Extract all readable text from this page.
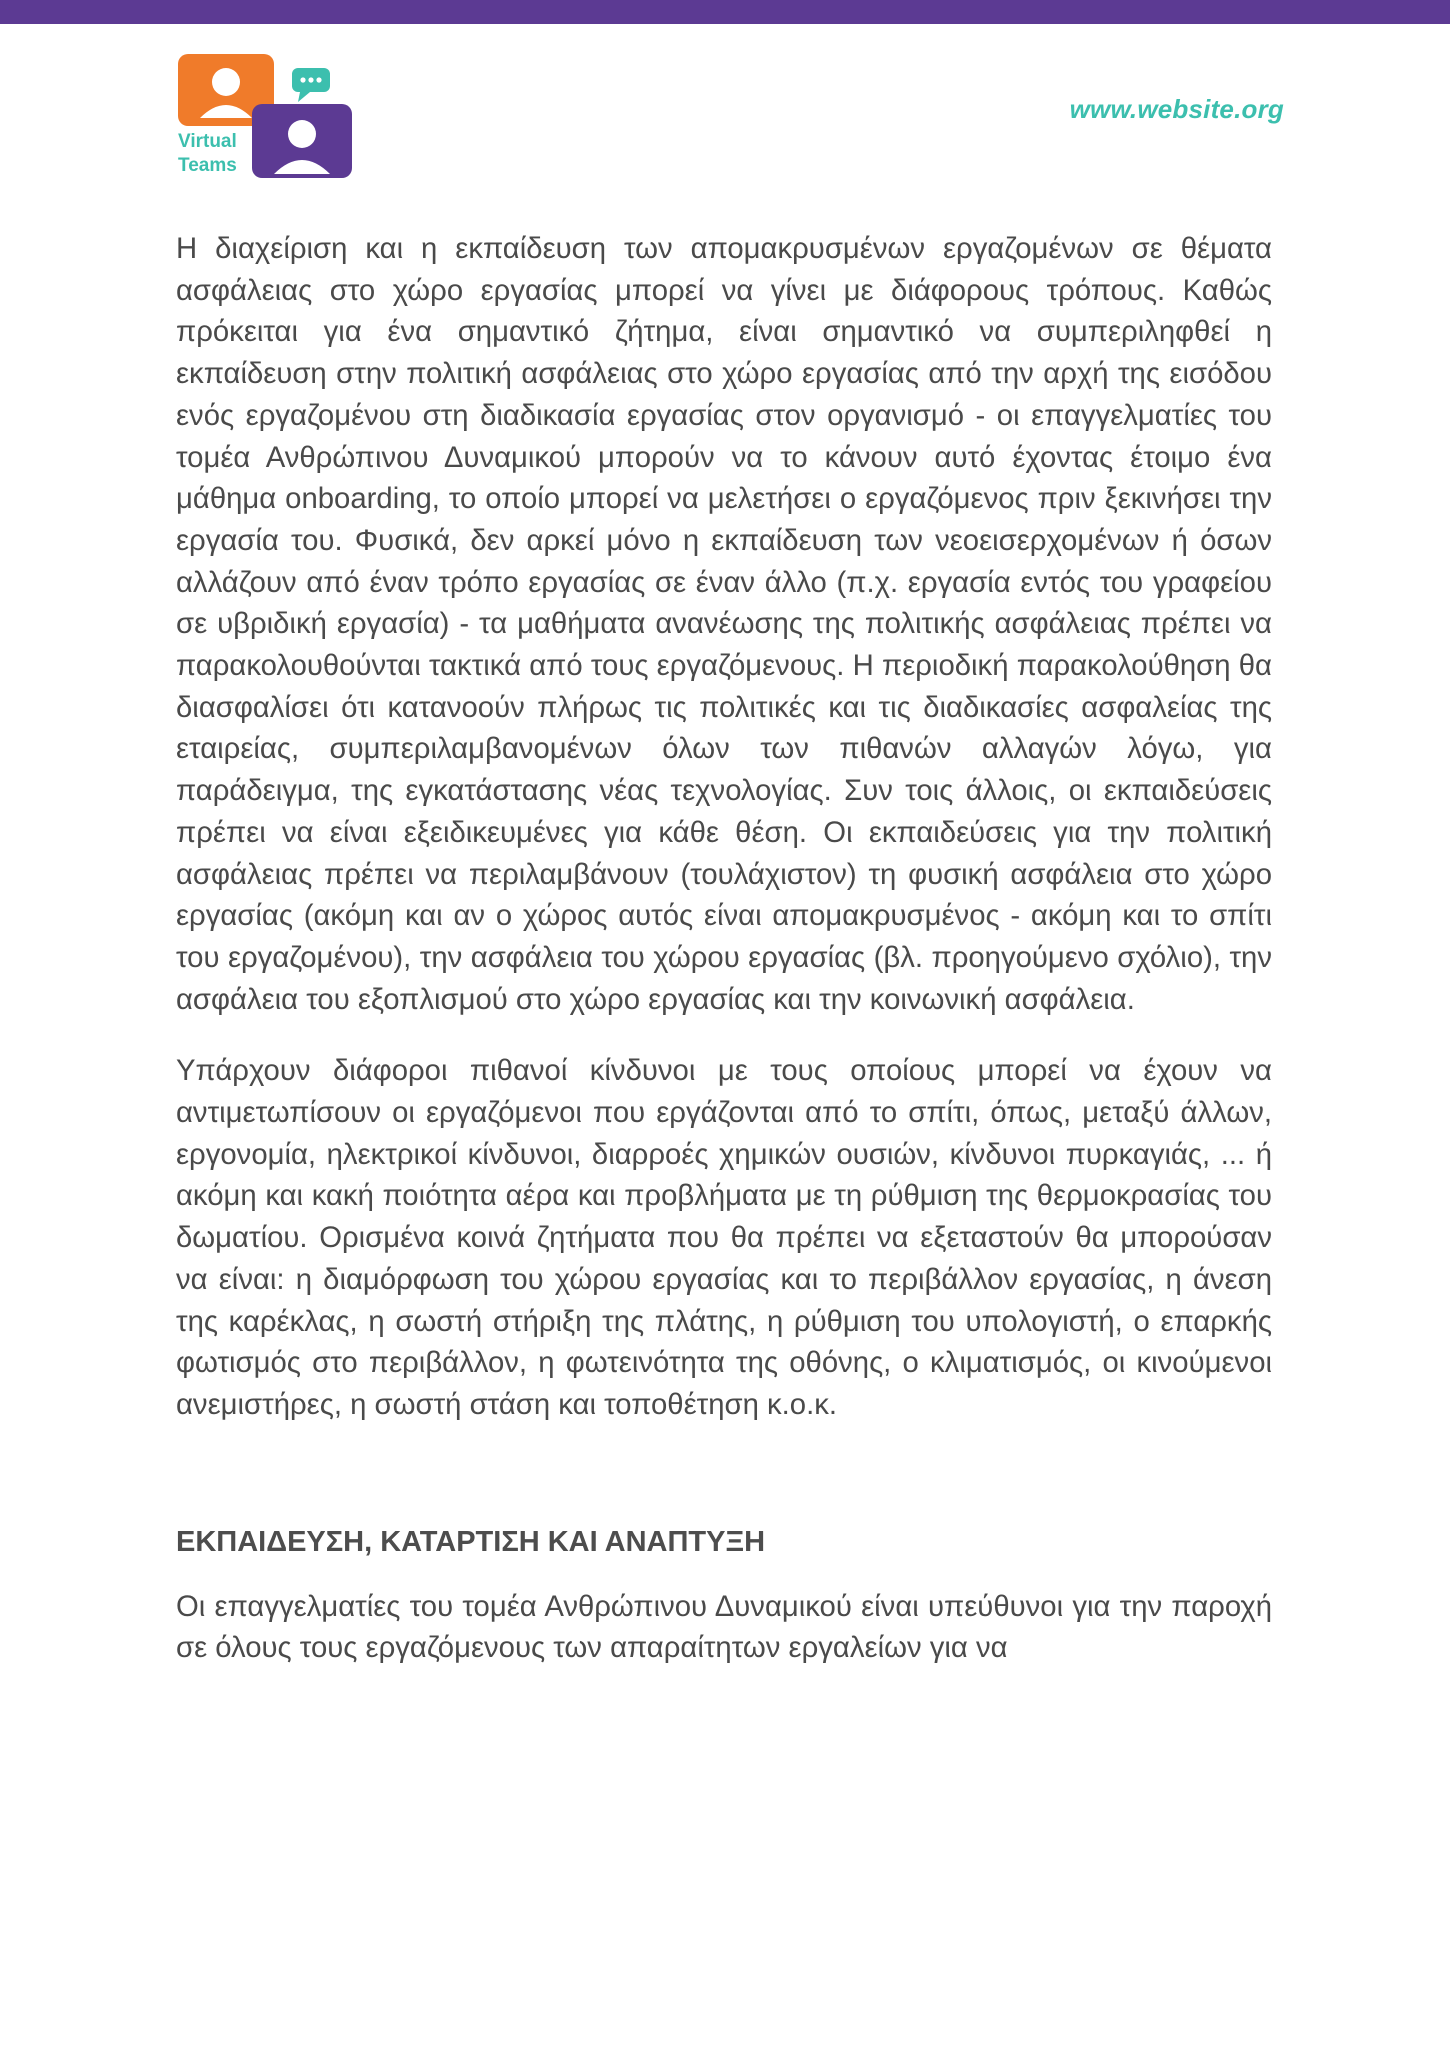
Virtual
Teams
www.website.org

Η διαχείριση και η εκπαίδευση των απομακρυσμένων εργαζομένων σε θέματα ασφάλειας στο χώρο εργασίας μπορεί να γίνει με διάφορους τρόπους. Καθώς πρόκειται για ένα σημαντικό ζήτημα, είναι σημαντικό να συμπεριληφθεί η εκπαίδευση στην πολιτική ασφάλειας στο χώρο εργασίας από την αρχή της εισόδου ενός εργαζομένου στη διαδικασία εργασίας στον οργανισμό - οι επαγγελματίες του τομέα Ανθρώπινου Δυναμικού μπορούν να το κάνουν αυτό έχοντας έτοιμο ένα μάθημα onboarding, το οποίο μπορεί να μελετήσει ο εργαζόμενος πριν ξεκινήσει την εργασία του. Φυσικά, δεν αρκεί μόνο η εκπαίδευση των νεοεισερχομένων ή όσων αλλάζουν από έναν τρόπο εργασίας σε έναν άλλο (π.χ. εργασία εντός του γραφείου σε υβριδική εργασία) - τα μαθήματα ανανέωσης της πολιτικής ασφάλειας πρέπει να παρακολουθούνται τακτικά από τους εργαζόμενους. Η περιοδική παρακολούθηση θα διασφαλίσει ότι κατανοούν πλήρως τις πολιτικές και τις διαδικασίες ασφαλείας της εταιρείας, συμπεριλαμβανομένων όλων των πιθανών αλλαγών λόγω, για παράδειγμα, της εγκατάστασης νέας τεχνολογίας. Συν τοις άλλοις, οι εκπαιδεύσεις πρέπει να είναι εξειδικευμένες για κάθε θέση. Οι εκπαιδεύσεις για την πολιτική ασφάλειας πρέπει να περιλαμβάνουν (τουλάχιστον) τη φυσική ασφάλεια στο χώρο εργασίας (ακόμη και αν ο χώρος αυτός είναι απομακρυσμένος - ακόμη και το σπίτι του εργαζομένου), την ασφάλεια του χώρου εργασίας (βλ. προηγούμενο σχόλιο), την ασφάλεια του εξοπλισμού στο χώρο εργασίας και την κοινωνική ασφάλεια.

Υπάρχουν διάφοροι πιθανοί κίνδυνοι με τους οποίους μπορεί να έχουν να αντιμετωπίσουν οι εργαζόμενοι που εργάζονται από το σπίτι, όπως, μεταξύ άλλων, εργονομία, ηλεκτρικοί κίνδυνοι, διαρροές χημικών ουσιών, κίνδυνοι πυρκαγιάς, ... ή ακόμη και κακή ποιότητα αέρα και προβλήματα με τη ρύθμιση της θερμοκρασίας του δωματίου. Ορισμένα κοινά ζητήματα που θα πρέπει να εξεταστούν θα μπορούσαν να είναι: η διαμόρφωση του χώρου εργασίας και το περιβάλλον εργασίας, η άνεση της καρέκλας, η σωστή στήριξη της πλάτης, η ρύθμιση του υπολογιστή, ο επαρκής φωτισμός στο περιβάλλον, η φωτεινότητα της οθόνης, ο κλιματισμός, οι κινούμενοι ανεμιστήρες, η σωστή στάση και τοποθέτηση κ.ο.κ.

ΕΚΠΑΙΔΕΥΣΗ, ΚΑΤΑΡΤΙΣΗ ΚΑΙ ΑΝΑΠΤΥΞΗ

Οι επαγγελματίες του τομέα Ανθρώπινου Δυναμικού είναι υπεύθυνοι για την παροχή σε όλους τους εργαζόμενους των απαραίτητων εργαλείων για να
